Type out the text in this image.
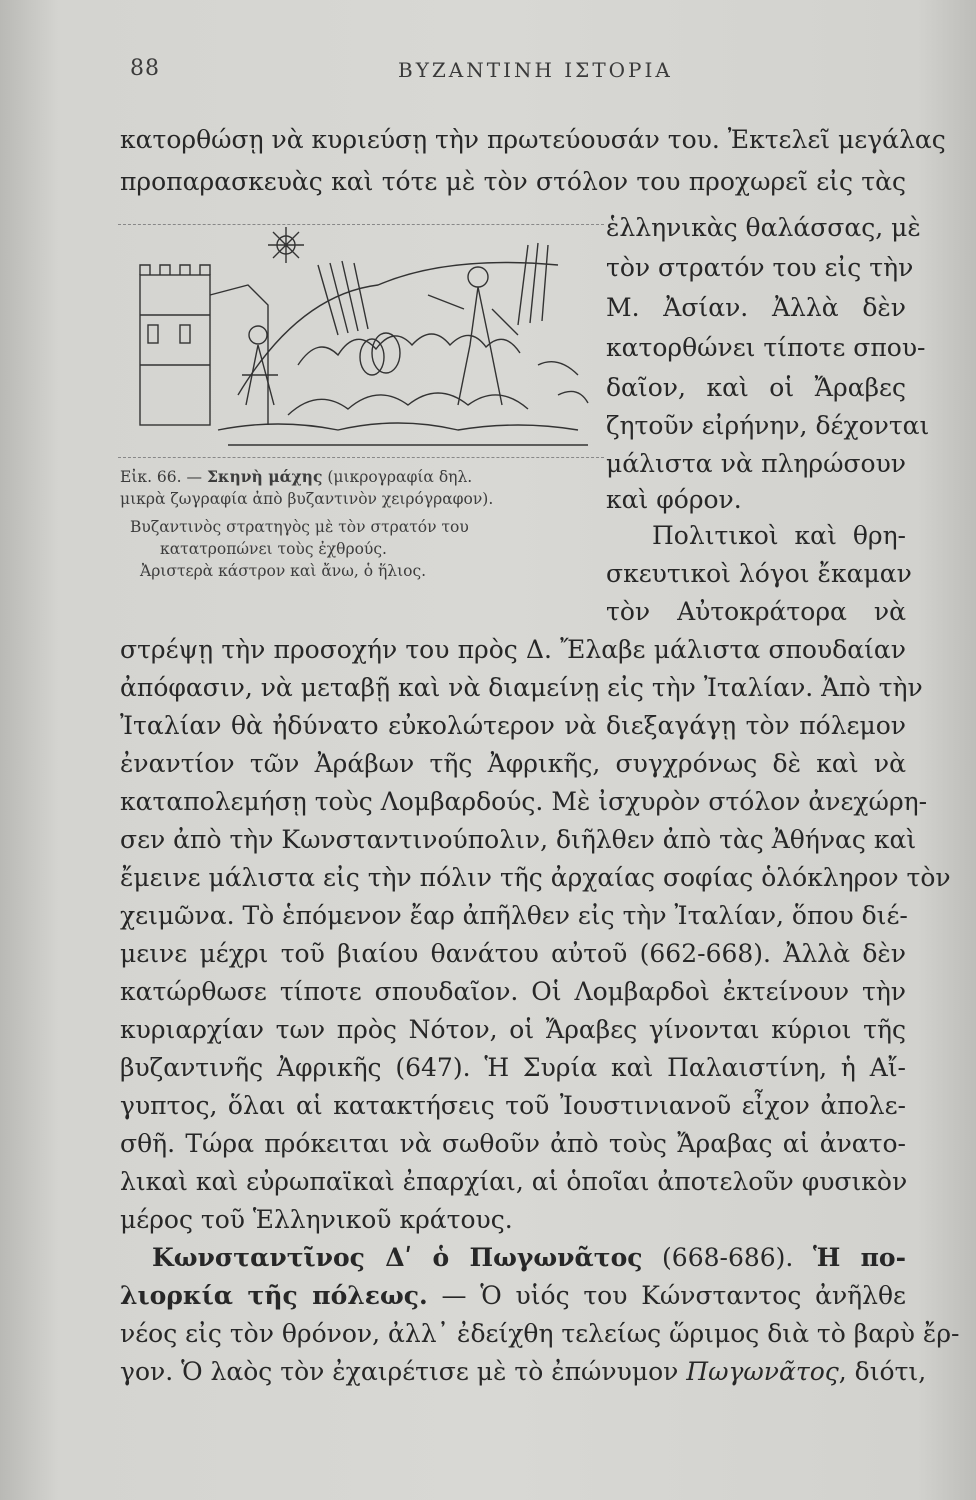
88	ΒΥΖΑΝΤΙΝΗ ΙΣΤΟΡΙΑ
κατορθώσῃ νὰ κυριεύσῃ τὴν πρωτεύουσάν του. Ἐκτελεῖ μεγάλας
προπαρασκευὰς καὶ τότε μὲ τὸν στόλον του προχωρεῖ εἰς τὰς
ἑλληνικὰς θαλάσσας, μὲ
τὸν στρατόν του εἰς τὴν
Μ. Ἀσίαν. Ἀλλὰ δὲν
κατορθώνει τίποτε σπου-
δαῖον, καὶ οἱ Ἄραβες
ζητοῦν εἰρήνην, δέχονται
μάλιστα νὰ πληρώσουν
καὶ φόρον.
Πολιτικοὶ καὶ θρη-
σκευτικοὶ λόγοι ἔκαμαν
τὸν Αὐτοκράτορα νὰ
Εἰκ. 66. — Σκηνὴ μάχης (μικρογραφία δηλ.
μικρὰ ζωγραφία ἀπὸ βυζαντινὸν χειρόγραφον).
Βυζαντινὸς στρατηγὸς μὲ τὸν στρατόν του
κατατροπώνει τοὺς ἐχθρούς.
Ἀριστερὰ κάστρον καὶ ἄνω, ὁ ἥλιος.
στρέψῃ τὴν προσοχήν του πρὸς Δ. Ἔλαβε μάλιστα σπουδαίαν
ἀπόφασιν, νὰ μεταβῇ καὶ νὰ διαμείνῃ εἰς τὴν Ἰταλίαν. Ἀπὸ τὴν
Ἰταλίαν θὰ ἠδύνατο εὐκολώτερον νὰ διεξαγάγῃ τὸν πόλεμον
ἐναντίον τῶν Ἀράβων τῆς Ἀφρικῆς, συγχρόνως δὲ καὶ νὰ
καταπολεμήσῃ τοὺς Λομβαρδούς. Μὲ ἰσχυρὸν στόλον ἀνεχώρη-
σεν ἀπὸ τὴν Κωνσταντινούπολιν, διῆλθεν ἀπὸ τὰς Ἀθήνας καὶ
ἔμεινε μάλιστα εἰς τὴν πόλιν τῆς ἀρχαίας σοφίας ὁλόκληρον τὸν
χειμῶνα. Τὸ ἑπόμενον ἔαρ ἀπῆλθεν εἰς τὴν Ἰταλίαν, ὅπου διέ-
μεινε μέχρι τοῦ βιαίου θανάτου αὐτοῦ (662-668). Ἀλλὰ δὲν
κατώρθωσε τίποτε σπουδαῖον. Οἱ Λομβαρδοὶ ἐκτείνουν τὴν
κυριαρχίαν των πρὸς Νότον, οἱ Ἄραβες γίνονται κύριοι τῆς
βυζαντινῆς Ἀφρικῆς (647). Ἡ Συρία καὶ Παλαιστίνη, ἡ Αἴ-
γυπτος, ὅλαι αἱ κατακτήσεις τοῦ Ἰουστινιανοῦ εἶχον ἀπολε-
σθῆ. Τώρα πρόκειται νὰ σωθοῦν ἀπὸ τοὺς Ἄραβας αἱ ἀνατο-
λικαὶ καὶ εὐρωπαϊκαὶ ἐπαρχίαι, αἱ ὁποῖαι ἀποτελοῦν φυσικὸν
μέρος τοῦ Ἑλληνικοῦ κράτους.
Κωνσταντῖνος Δʹ ὁ Πωγωνᾶτος (668-686). Ἡ πο-
λιορκία τῆς πόλεως. — Ὁ υἱός του Κώνσταντος ἀνῆλθε
νέος εἰς τὸν θρόνον, ἀλλ᾽ ἐδείχθη τελείως ὥριμος διὰ τὸ βαρὺ ἔρ-
γον. Ὁ λαὸς τὸν ἐχαιρέτισε μὲ τὸ ἐπώνυμον Πωγωνᾶτος, διότι,
